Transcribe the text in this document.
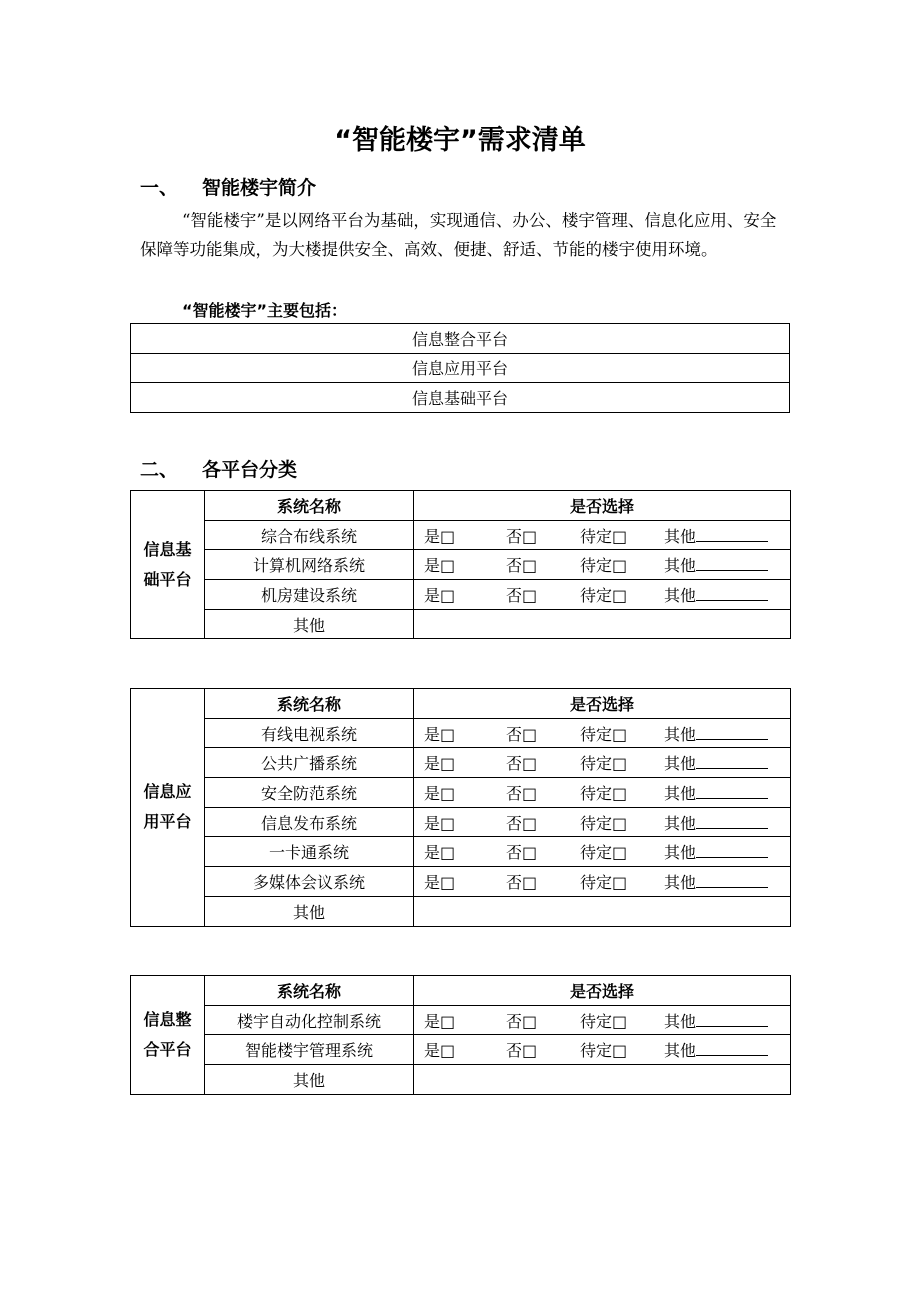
“智能楼宇”需求清单
一、 智能楼宇简介

“智能楼宇”是以网络平台为基础，实现通信、办公、楼宇管理、信息化应用、安全保障等功能集成，为大楼提供安全、高效、便捷、舒适、节能的楼宇使用环境。

“智能楼宇”主要包括：
信息整合平台
信息应用平台
信息基础平台
二、 各平台分类
信息基
础平台	系统名称	是否选择
	综合布线系统	是□ 否□ 待定□ 其他
	计算机网络系统	是□ 否□ 待定□ 其他
	机房建设系统	是□ 否□ 待定□ 其他
	其他	
信息应
用平台	系统名称	是否选择
	有线电视系统	是□ 否□ 待定□ 其他
	公共广播系统	是□ 否□ 待定□ 其他
	安全防范系统	是□ 否□ 待定□ 其他
	信息发布系统	是□ 否□ 待定□ 其他
	一卡通系统	是□ 否□ 待定□ 其他
	多媒体会议系统	是□ 否□ 待定□ 其他
	其他	
信息整
合平台	系统名称	是否选择
	楼宇自动化控制系统	是□ 否□ 待定□ 其他
	智能楼宇管理系统	是□ 否□ 待定□ 其他
	其他	
